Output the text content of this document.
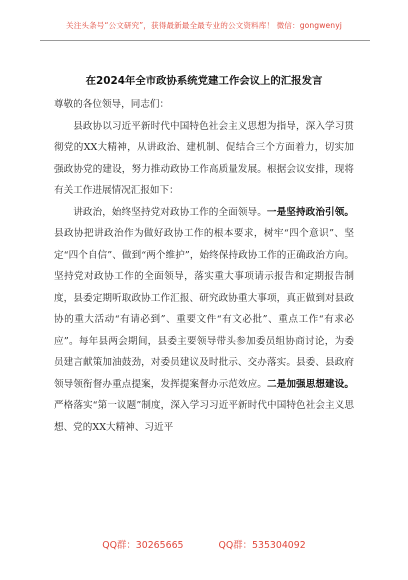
关注头条号“公文研究”，获得最新最全最专业的公文资料库！ 微信：gongwenyj
在2024年全市政协系统党建工作会议上的汇报发言

尊敬的各位领导，同志们：

县政协以习近平新时代中国特色社会主义思想为指导，深入学习贯彻党的XX大精神，从讲政治、建机制、促结合三个方面着力，切实加强政协党的建设，努力推动政协工作高质量发展。根据会议安排，现将有关工作进展情况汇报如下：

讲政治，始终坚持党对政协工作的全面领导。一是坚持政治引领。县政协把讲政治作为做好政协工作的根本要求，树牢“四个意识”、坚定“四个自信”、做到“两个维护”，始终保持政协工作的正确政治方向。坚持党对政协工作的全面领导，落实重大事项请示报告和定期报告制度，县委定期听取政协工作汇报、研究政协重大事项，真正做到对县政协的重大活动“有请必到”、重要文件“有文必批”、重点工作“有求必应”。每年县两会期间，县委主要领导带头参加委员组协商讨论，为委员建言献策加油鼓劲，对委员建议及时批示、交办落实。县委、县政府领导领衔督办重点提案，发挥提案督办示范效应。二是加强思想建设。严格落实“第一议题”制度，深入学习习近平新时代中国特色社会主义思想、党的XX大精神、习近平

QQ群：30265665	QQ群：535304092
